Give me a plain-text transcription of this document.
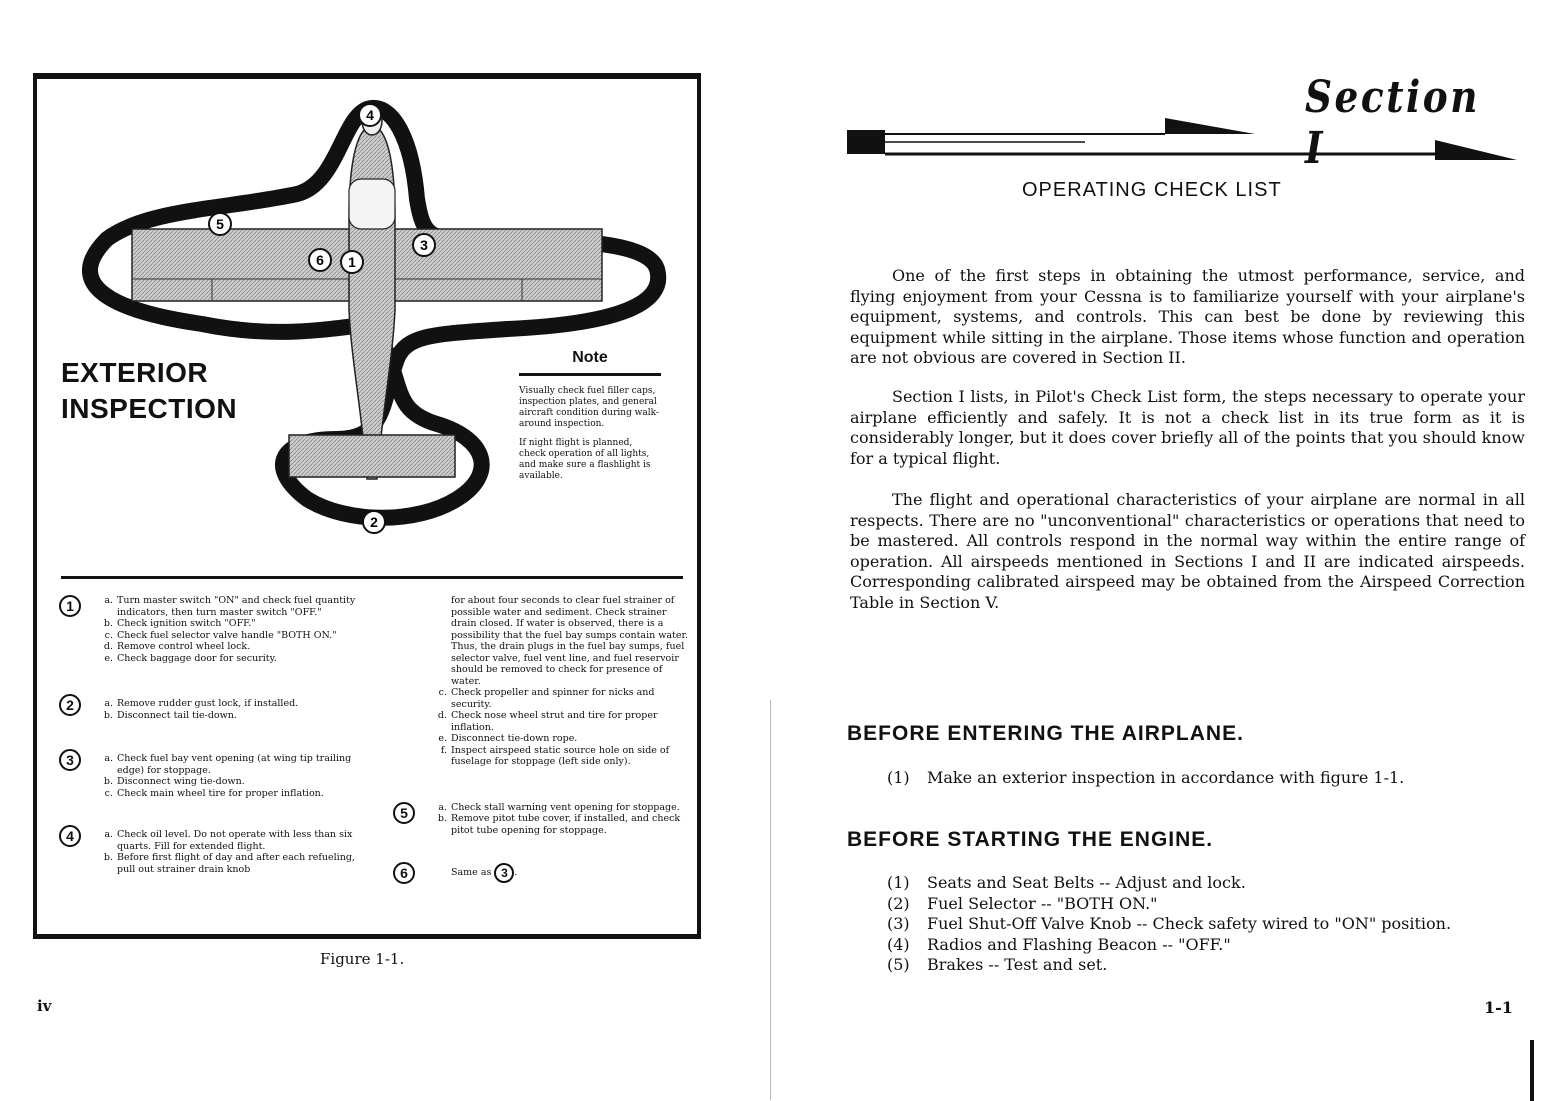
4
5
3
6 1
2
EXTERIOR
INSPECTION
Note

Visually check fuel filler caps, inspection plates, and general aircraft condition during walk-around inspection.

If night flight is planned, check operation of all lights, and make sure a flashlight is available.

1	a. Turn master switch "ON" and check fuel quantity indicators, then turn master switch "OFF."
b. Check ignition switch "OFF."
c. Check fuel selector valve handle "BOTH ON."
d. Remove control wheel lock.
e. Check baggage door for security.
2	a. Remove rudder gust lock, if installed.
b. Disconnect tail tie-down.
3	a. Check fuel bay vent opening (at wing tip trailing edge) for stoppage.
b. Disconnect wing tie-down.
c. Check main wheel tire for proper inflation.
4	a. Check oil level. Do not operate with less than six quarts. Fill for extended flight.
b. Before first flight of day and after each refueling, pull out strainer drain knob
for about four seconds to clear fuel strainer of possible water and sediment. Check strainer drain closed. If water is observed, there is a possibility that the fuel bay sumps contain water. Thus, the drain plugs in the fuel bay sumps, fuel selector valve, fuel vent line, and fuel reservoir should be removed to check for presence of water.
c. Check propeller and spinner for nicks and security.
d. Check nose wheel strut and tire for proper inflation.
e. Disconnect tie-down rope.
f. Inspect airspeed static source hole on side of fuselage for stoppage (left side only).
5	a. Check stall warning vent opening for stoppage.
b. Remove pitot tube cover, if installed, and check pitot tube opening for stoppage.
6	Same as 3 .
Figure 1-1.
iv
Section I
OPERATING CHECK LIST

One of the first steps in obtaining the utmost performance, service, and flying enjoyment from your Cessna is to familiarize yourself with your airplane's equipment, systems, and controls. This can best be done by reviewing this equipment while sitting in the airplane. Those items whose function and operation are not obvious are covered in Section II.

Section I lists, in Pilot's Check List form, the steps necessary to operate your airplane efficiently and safely. It is not a check list in its true form as it is considerably longer, but it does cover briefly all of the points that you should know for a typical flight.

The flight and operational characteristics of your airplane are normal in all respects. There are no "unconventional" characteristics or operations that need to be mastered. All controls respond in the normal way within the entire range of operation. All airspeeds mentioned in Sections I and II are indicated airspeeds. Corresponding calibrated airspeed may be obtained from the Airspeed Correction Table in Section V.

BEFORE ENTERING THE AIRPLANE.
(1)	Make an exterior inspection in accordance with figure 1-1.
BEFORE STARTING THE ENGINE.
(1)	Seats and Seat Belts -- Adjust and lock.
(2)	Fuel Selector -- "BOTH ON."
(3)	Fuel Shut-Off Valve Knob -- Check safety wired to "ON" position.
(4)	Radios and Flashing Beacon -- "OFF."
(5)	Brakes -- Test and set.
1-1
